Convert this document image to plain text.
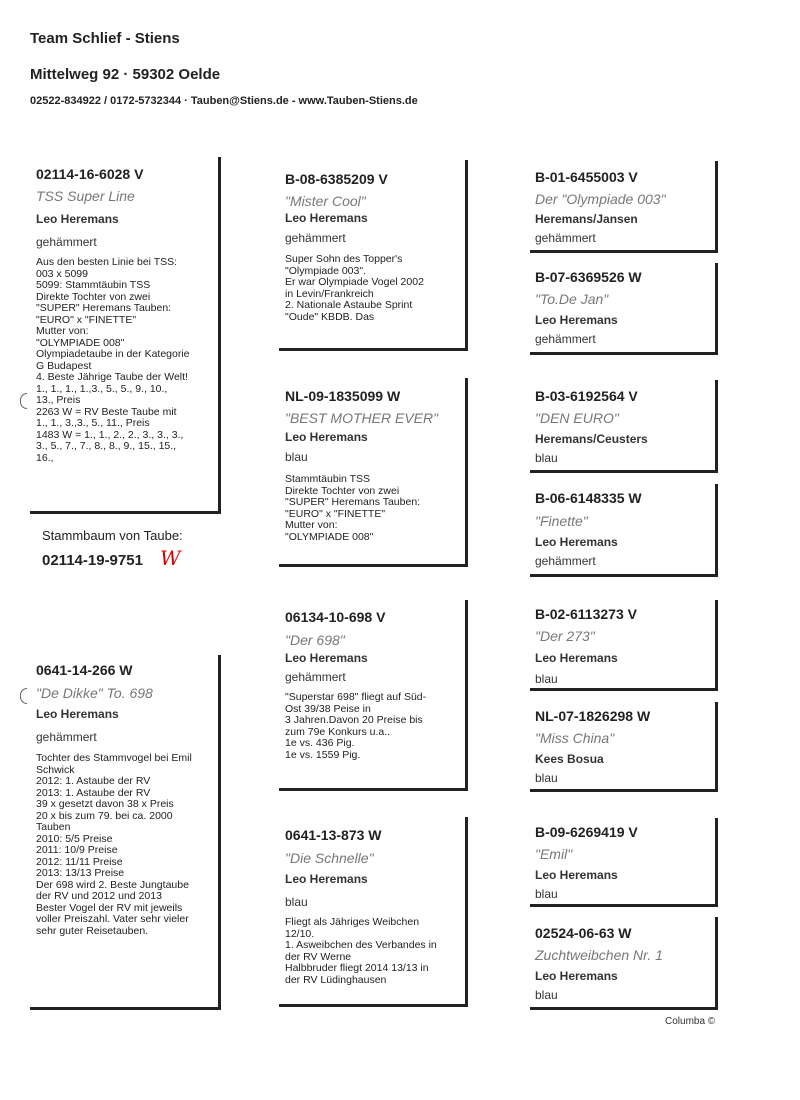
Team Schlief - Stiens
Mittelweg 92 · 59302 Oelde
02522-834922 / 0172-5732344 · Tauben@Stiens.de - www.Tauben-Stiens.de
02114-16-6028 V
TSS Super Line
Leo Heremans
gehämmert
Aus den besten Linie bei TSS:
003 x 5099
5099: Stammtäubin TSS
Direkte Tochter von zwei
"SUPER" Heremans Tauben:
"EURO" x "FINETTE"
Mutter von:
"OLYMPIADE 008"
Olympiadetaube in der Kategorie
G Budapest
4. Beste Jährige Taube der Welt!
1., 1., 1., 1.,3., 5., 5., 9., 10.,
13., Preis
2263 W = RV Beste Taube mit
1., 1., 3.,3., 5., 11., Preis
1483 W = 1., 1., 2., 2., 3., 3., 3.,
3., 5., 7., 7., 8., 8., 9., 15., 15.,
16.,
Stammbaum von Taube:
02114-19-9751 W
0641-14-266 W
"De Dikke" To. 698
Leo Heremans
gehämmert
Tochter des Stammvogel bei Emil
Schwick
2012: 1. Astaube der RV
2013: 1. Astaube der RV
39 x gesetzt davon 38 x Preis
20 x bis zum 79. bei ca. 2000
Tauben
2010: 5/5 Preise
2011: 10/9 Preise
2012: 11/11 Preise
2013: 13/13 Preise
Der 698 wird 2. Beste Jungtaube
der RV und 2012 und 2013
Bester Vogel der RV mit jeweils
voller Preiszahl. Vater sehr vieler
sehr guter Reisetauben.
B-08-6385209 V
"Mister Cool"
Leo Heremans
gehämmert
Super Sohn des Topper's
"Olympiade 003".
Er war Olympiade Vogel 2002
in Levin/Frankreich
2. Nationale Astaube Sprint
"Oude" KBDB. Das
NL-09-1835099 W
"BEST MOTHER EVER"
Leo Heremans
blau
Stammtäubin TSS
Direkte Tochter von zwei
"SUPER" Heremans Tauben:
"EURO" x "FINETTE"
Mutter von:
"OLYMPIADE 008"
06134-10-698 V
"Der 698"
Leo Heremans
gehämmert
"Superstar 698" fliegt auf Süd-
Ost 39/38 Peise in
3 Jahren.Davon 20 Preise bis
zum 79e Konkurs u.a..
1e vs. 436 Pig.
1e vs. 1559 Pig.
0641-13-873 W
"Die Schnelle"
Leo Heremans
blau
Fliegt als Jähriges Weibchen
12/10.
1. Asweibchen des Verbandes in
der RV Werne
Halbbruder fliegt 2014 13/13 in
der RV Lüdinghausen
B-01-6455003 V
Der "Olympiade 003"
Heremans/Jansen
gehämmert
B-07-6369526 W
"To.De Jan"
Leo Heremans
gehämmert
B-03-6192564 V
"DEN EURO"
Heremans/Ceusters
blau
B-06-6148335 W
"Finette"
Leo Heremans
gehämmert
B-02-6113273 V
"Der 273"
Leo Heremans
blau
NL-07-1826298 W
"Miss China"
Kees Bosua
blau
B-09-6269419 V
"Emil"
Leo Heremans
blau
02524-06-63 W
Zuchtweibchen Nr. 1
Leo Heremans
blau
Columba ©
